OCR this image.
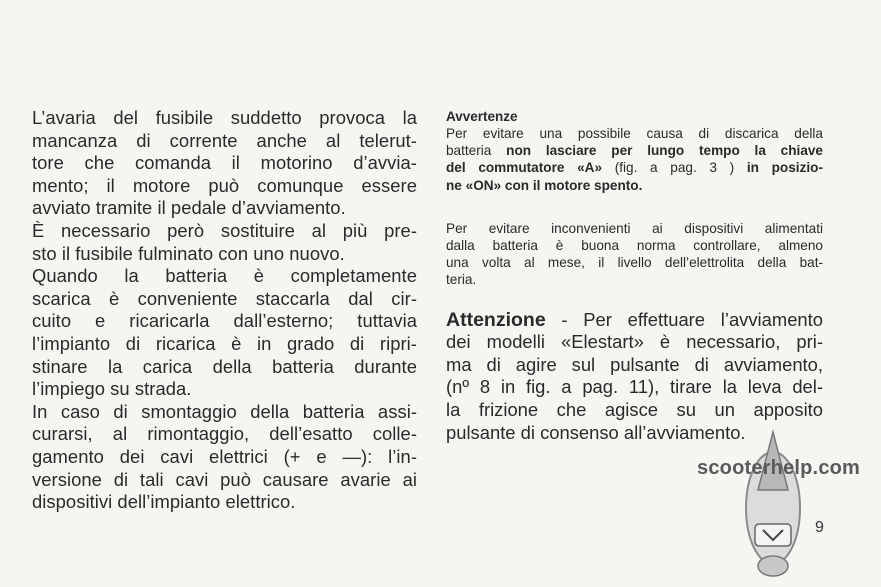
L’avaria del fusibile suddetto provoca la
mancanza di corrente anche al telerut-
tore che comanda il motorino d’avvia-
mento; il motore può comunque essere
avviato tramite il pedale d’avviamento.
È necessario però sostituire al più pre-
sto il fusibile fulminato con uno nuovo.
Quando la batteria è completamente
scarica è conveniente staccarla dal cir-
cuito e ricaricarla dall’esterno; tuttavia
l’impianto di ricarica è in grado di ripri-
stinare la carica della batteria durante
l’impiego su strada.
In caso di smontaggio della batteria assi-
curarsi, al rimontaggio, dell’esatto colle-
gamento dei cavi elettrici (+ e —): l’in-
versione di tali cavi può causare avarie ai
dispositivi dell’impianto elettrico.
Avvertenze
Per evitare una possibile causa di discarica della
batteria non lasciare per lungo tempo la chiave
del commutatore «A» (fig. a pag. 3 ) in posizio-
ne «ON» con il motore spento.
Per evitare inconvenienti ai dispositivi alimentati
dalla batteria è buona norma controllare, almeno
una volta al mese, il livello dell’elettrolita della bat-
teria.
Attenzione - Per effettuare l’avviamento
dei modelli «Elestart» è necessario, pri-
ma di agire sul pulsante di avviamento,
(nº 8 in fig. a pag. 11), tirare la leva del-
la frizione che agisce su un apposito
pulsante di consenso all’avviamento.
scooterhelp.com
9
